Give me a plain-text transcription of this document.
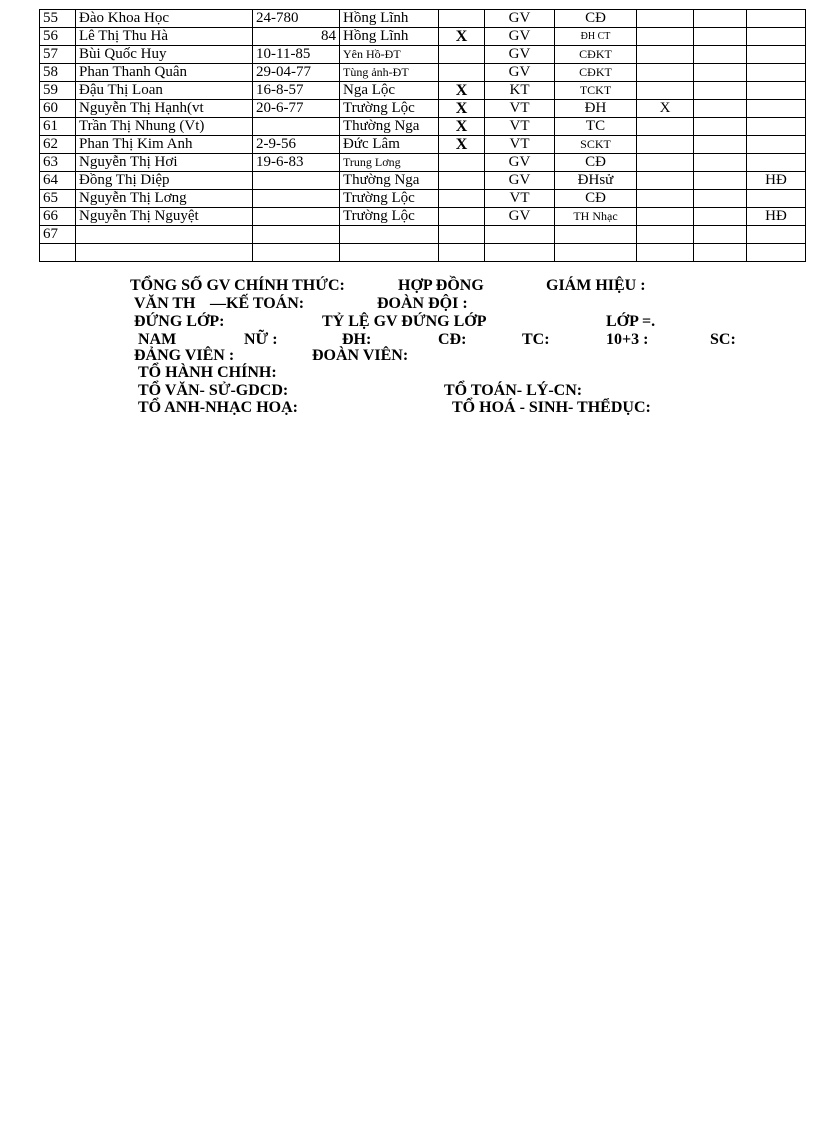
55	Đào Khoa Học	24-780	Hồng Lĩnh		GV	CĐ			
56	Lê Thị Thu Hà	84	Hồng Lĩnh	X	GV	ĐH CT			
57	Bùi Quốc Huy	10-11-85	Yên Hồ-ĐT		GV	CĐKT			
58	Phan Thanh Quân	29-04-77	Tùng ảnh-ĐT		GV	CĐKT			
59	Đậu Thị Loan	16-8-57	Nga Lộc	X	KT	TCKT			
60	Nguyễn Thị Hạnh(vt	20-6-77	Trường Lộc	X	VT	ĐH	X		
61	Trần Thị Nhung (Vt)		Thường Nga	X	VT	TC			
62	Phan Thị Kim Anh	2-9-56	Đức Lâm	X	VT	SCKT			
63	Nguyễn Thị Hơi	19-6-83	Trung Lơng		GV	CĐ			
64	Đồng Thị Diệp		Thường Nga		GV	ĐHsử			HĐ
65	Nguyễn Thị Lơng		Trường Lộc		VT	CĐ			
66	Nguyễn Thị Nguyệt		Trường Lộc		GV	TH Nhạc			HĐ
67									

TỔNG SỐ GV CHÍNH THỨC:	HỢP ĐỒNG	GIÁM HIỆU :
VĂN TH —KẾ TOÁN:	ĐOÀN ĐỘI :
ĐỨNG LỚP:	TỶ LỆ GV ĐỨNG LỚP	LỚP =.
NAM	NỮ :	ĐH:	CĐ:	TC:	10+3 :	SC:
ĐẢNG VIÊN :	ĐOÀN VIÊN:
TỔ HÀNH CHÍNH:
TỔ VĂN- SỬ-GDCD:	TỔ TOÁN- LÝ-CN:
TỔ ANH-NHẠC HOẠ:	TỔ HOÁ - SINH- THỂDỤC:
